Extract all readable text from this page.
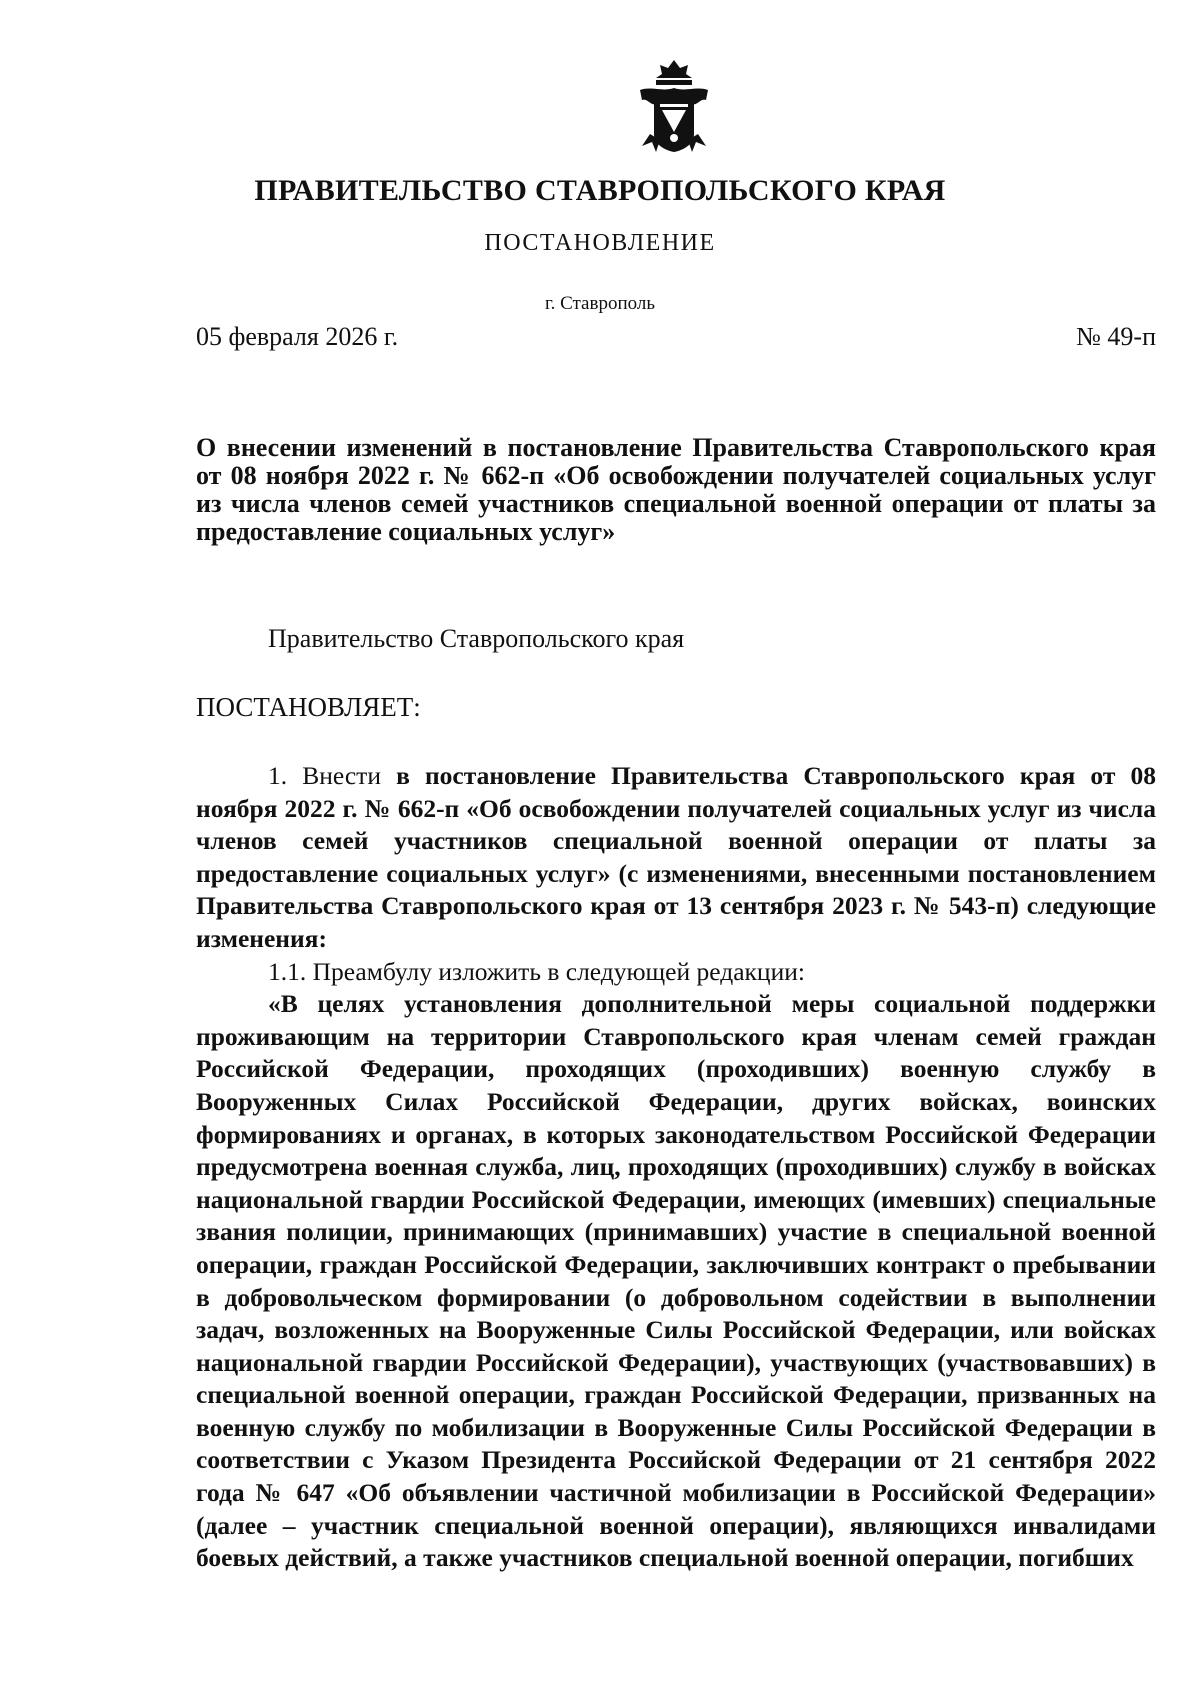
ПРАВИТЕЛЬСТВО СТАВРОПОЛЬСКОГО КРАЯ
ПОСТАНОВЛЕНИЕ
г. Ставрополь
05 февраля 2026 г.	№ 49-п
О внесении изменений в постановление Правительства Ставропольского края от 08 ноября 2022 г. № 662-п «Об освобождении получателей социальных услуг из числа членов семей участников специальной военной операции от платы за предоставление социальных услуг»
Правительство Ставропольского края
ПОСТАНОВЛЯЕТ:

1. Внести в постановление Правительства Ставропольского края от 08 ноября 2022 г. № 662-п «Об освобождении получателей социальных услуг из числа членов семей участников специальной военной операции от платы за предоставление социальных услуг» (с изменениями, внесенными постановлением Правительства Ставропольского края от 13 сентября 2023 г. № 543-п) следующие изменения:

1.1. Преамбулу изложить в следующей редакции:

«В целях установления дополнительной меры социальной поддержки проживающим на территории Ставропольского края членам семей граждан Российской Федерации, проходящих (проходивших) военную службу в Вооруженных Силах Российской Федерации, других войсках, воинских формированиях и органах, в которых законодательством Российской Федерации предусмотрена военная служба, лиц, проходящих (проходивших) службу в войсках национальной гвардии Российской Федерации, имеющих (имевших) специальные звания полиции, принимающих (принимавших) участие в специальной военной операции, граждан Российской Федерации, заключивших контракт о пребывании в добровольческом формировании (о добровольном содействии в выполнении задач, возложенных на Вооруженные Силы Российской Федерации, или войсках национальной гвардии Российской Федерации), участвующих (участвовавших) в специальной военной операции, граждан Российской Федерации, призванных на военную службу по мобилизации в Вооруженные Силы Российской Федерации в соответствии с Указом Президента Российской Федерации от 21 сентября 2022 года № 647 «Об объявлении частичной мобилизации в Российской Федерации» (далее – участник специальной военной операции), являющихся инвалидами боевых действий, а также участников специальной военной операции, погибших
